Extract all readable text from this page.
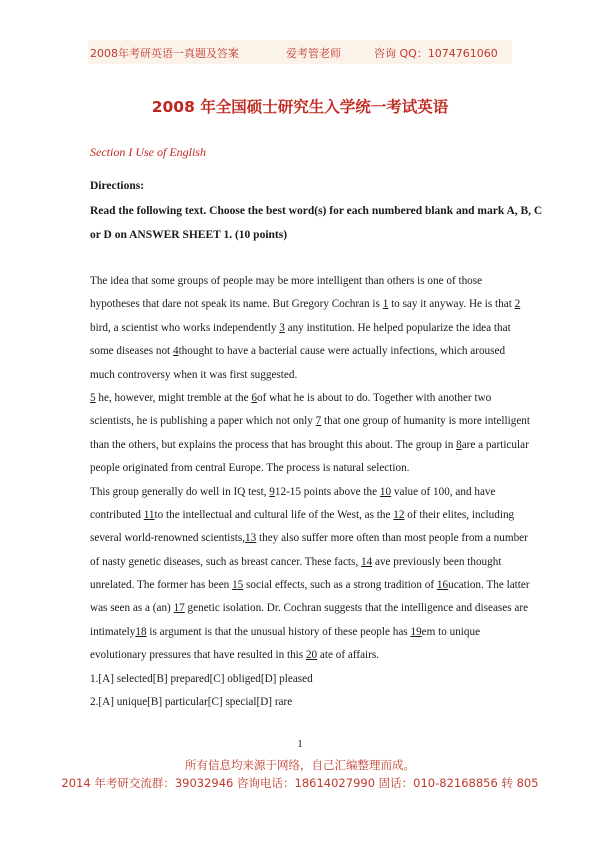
2008年考研英语一真题及答案	爱考管老师	咨询 QQ：1074761060
2008 年全国硕士研究生入学统一考试英语
Section I Use of English
Directions:
Read the following text. Choose the best word(s) for each numbered blank and mark A, B, C
or D on ANSWER SHEET 1. (10 points)
The idea that some groups of people may be more intelligent than others is one of those
hypotheses that dare not speak its name. But Gregory Cochran is 1 to say it anyway. He is that 2
bird, a scientist who works independently 3 any institution. He helped popularize the idea that
some diseases not 4thought to have a bacterial cause were actually infections, which aroused
much controversy when it was first suggested.
5 he, however, might tremble at the 6of what he is about to do. Together with another two
scientists, he is publishing a paper which not only 7 that one group of humanity is more intelligent
than the others, but explains the process that has brought this about. The group in 8are a particular
people originated from central Europe. The process is natural selection.
This group generally do well in IQ test, 912-15 points above the 10 value of 100, and have
contributed 11to the intellectual and cultural life of the West, as the 12 of their elites, including
several world-renowned scientists,13 they also suffer more often than most people from a number
of nasty genetic diseases, such as breast cancer. These facts, 14 ave previously been thought
unrelated. The former has been 15 social effects, such as a strong tradition of 16ucation. The latter
was seen as a (an) 17 genetic isolation. Dr. Cochran suggests that the intelligence and diseases are
intimately18 is argument is that the unusual history of these people has 19em to unique
evolutionary pressures that have resulted in this 20 ate of affairs.
1.[A] selected[B] prepared[C] obliged[D] pleased
2.[A] unique[B] particular[C] special[D] rare
1
所有信息均来源于网络，自己汇编整理而成。
2014 年考研交流群：39032946 咨询电话：18614027990 固话：010-82168856 转 805
